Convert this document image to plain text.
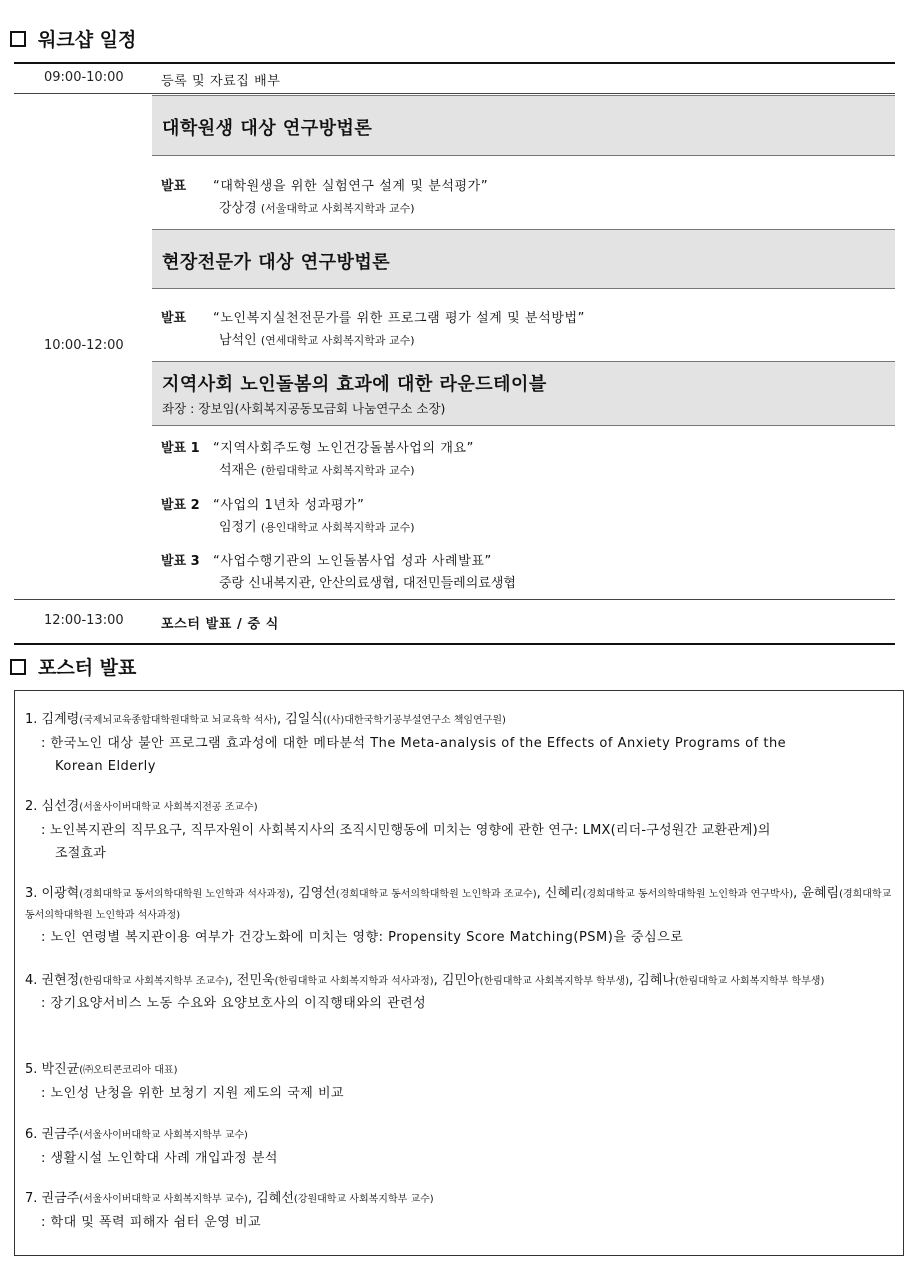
워크샵 일정
09:00-10:00	등록 및 자료집 배부
10:00-12:00
대학원생 대상 연구방법론
발표 “대학원생을 위한 실험연구 설계 및 분석평가”
강상경 (서울대학교 사회복지학과 교수)
현장전문가 대상 연구방법론
발표 “노인복지실천전문가를 위한 프로그램 평가 설계 및 분석방법”
남석인 (연세대학교 사회복지학과 교수)
지역사회 노인돌봄의 효과에 대한 라운드테이블
좌장 : 장보임(사회복지공동모금회 나눔연구소 소장)
발표 1 “지역사회주도형 노인건강돌봄사업의 개요”
석재은 (한림대학교 사회복지학과 교수)
발표 2 “사업의 1년차 성과평가”
임정기 (용인대학교 사회복지학과 교수)
발표 3 “사업수행기관의 노인돌봄사업 성과 사례발표”
중랑 신내복지관, 안산의료생협, 대전민들레의료생협
12:00-13:00	포스터 발표 / 중 식
포스터 발표
1. 김계령(국제뇌교육종합대학원대학교 뇌교육학 석사), 김일식((사)대한국학기공부설연구소 책임연구원)
: 한국노인 대상 불안 프로그램 효과성에 대한 메타분석 The Meta-analysis of the Effects of Anxiety Programs of the
Korean Elderly
2. 심선경(서울사이버대학교 사회복지전공 조교수)
: 노인복지관의 직무요구, 직무자원이 사회복지사의 조직시민행동에 미치는 영향에 관한 연구: LMX(리더-구성원간 교환관계)의
조절효과
3. 이광혁(경희대학교 동서의학대학원 노인학과 석사과정), 김영선(경희대학교 동서의학대학원 노인학과 조교수), 신혜리(경희대학교 동서의학대학원 노인학과 연구박사), 윤혜림(경희대학교 동서의학대학원 노인학과 석사과정)
: 노인 연령별 복지관이용 여부가 건강노화에 미치는 영향: Propensity Score Matching(PSM)을 중심으로
4. 권현정(한림대학교 사회복지학부 조교수), 전민욱(한림대학교 사회복지학과 석사과정), 김민아(한림대학교 사회복지학부 학부생), 김혜나(한림대학교 사회복지학부 학부생)
: 장기요양서비스 노동 수요와 요양보호사의 이직행태와의 관련성
5. 박진균(㈜오티콘코리아 대표)
: 노인성 난청을 위한 보청기 지원 제도의 국제 비교
6. 권금주(서울사이버대학교 사회복지학부 교수)
: 생활시설 노인학대 사례 개입과정 분석
7. 권금주(서울사이버대학교 사회복지학부 교수), 김혜선(강원대학교 사회복지학부 교수)
: 학대 및 폭력 피해자 쉼터 운영 비교
